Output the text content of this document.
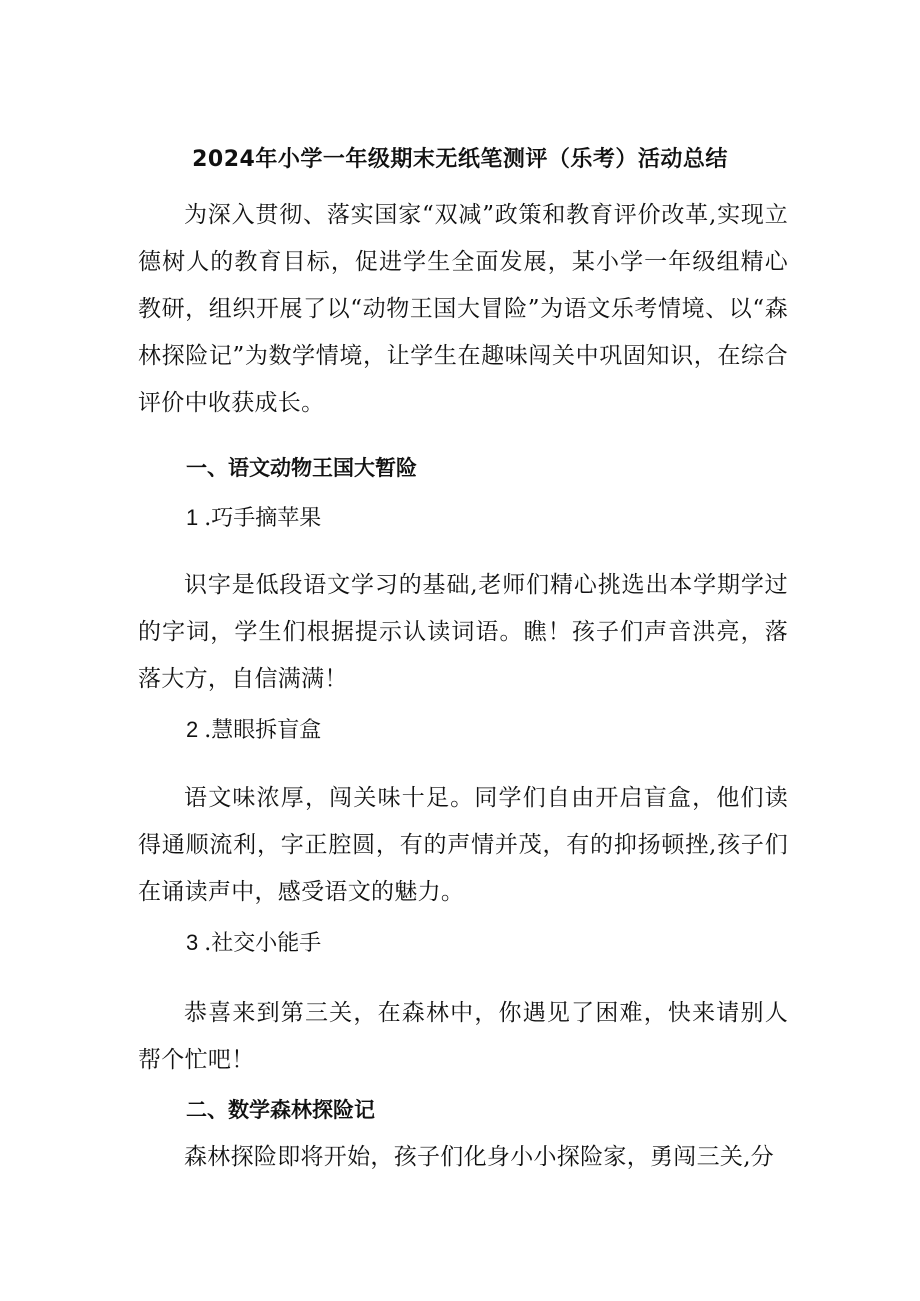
2024年小学一年级期末无纸笔测评（乐考）活动总结

为深入贯彻、落实国家“双减”政策和教育评价改革,实现立德树人的教育目标，促进学生全面发展，某小学一年级组精心教研，组织开展了以“动物王国大冒险”为语文乐考情境、以“森林探险记”为数学情境，让学生在趣味闯关中巩固知识，在综合评价中收获成长。

一、语文动物王国大暂险
1 .巧手摘苹果

识字是低段语文学习的基础,老师们精心挑选出本学期学过的字词，学生们根据提示认读词语。瞧！孩子们声音洪亮，落落大方，自信满满！

2 .慧眼拆盲盒

语文味浓厚，闯关味十足。同学们自由开启盲盒，他们读得通顺流利，字正腔圆，有的声情并茂，有的抑扬顿挫,孩子们在诵读声中，感受语文的魅力。

3 .社交小能手

恭喜来到第三关，在森林中，你遇见了困难，快来请别人帮个忙吧！

二、数学森林探险记

森林探险即将开始，孩子们化身小小探险家，勇闯三关,分
